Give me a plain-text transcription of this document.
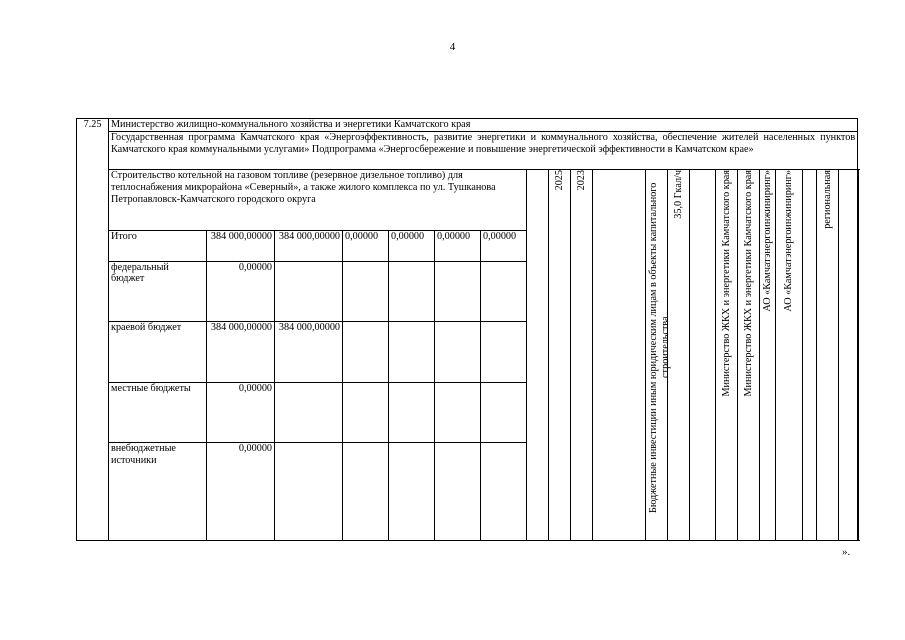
4
7.25	Министерство жилищно-коммунального хозяйства и энергетики Камчатского края																					
	Государственная программа Камчатского края «Энергоэффективность, развитие энергетики и коммунального хозяйства, обеспечение жителей населенных пунктов Камчатского края коммунальными услугами» Подпрограмма «Энергосбережение и повышение энергетической эффективности в Камчатском крае»																					
	Строительство котельной на газовом топливе (резервное дизельное топливо) для теплоснабжения микрорайона «Северный», а также жилого комплекса по ул. Тушканова Петропавловск-Камчатского городского округа								2025	2023		Бюджетные инвестиции иным юридическим лицам в объекты капитального строительства	35,0 Гкал/ч		Министерство ЖКХ и энергетики Камчатского края	Министерство ЖКХ и энергетики Камчатского края	АО «Камчатэнергоинжиниринг»	АО «Камчатэнергоинжиниринг»		региональная			
	Итого	384 000,00000	384 000,00000	0,00000	0,00000	0,00000	0,00000															
	федеральный бюджет	0,00000																				
	краевой бюджет	384 000,00000	384 000,00000																			
	местные бюджеты	0,00000																				
	внебюджетные источники	0,00000																				
».
